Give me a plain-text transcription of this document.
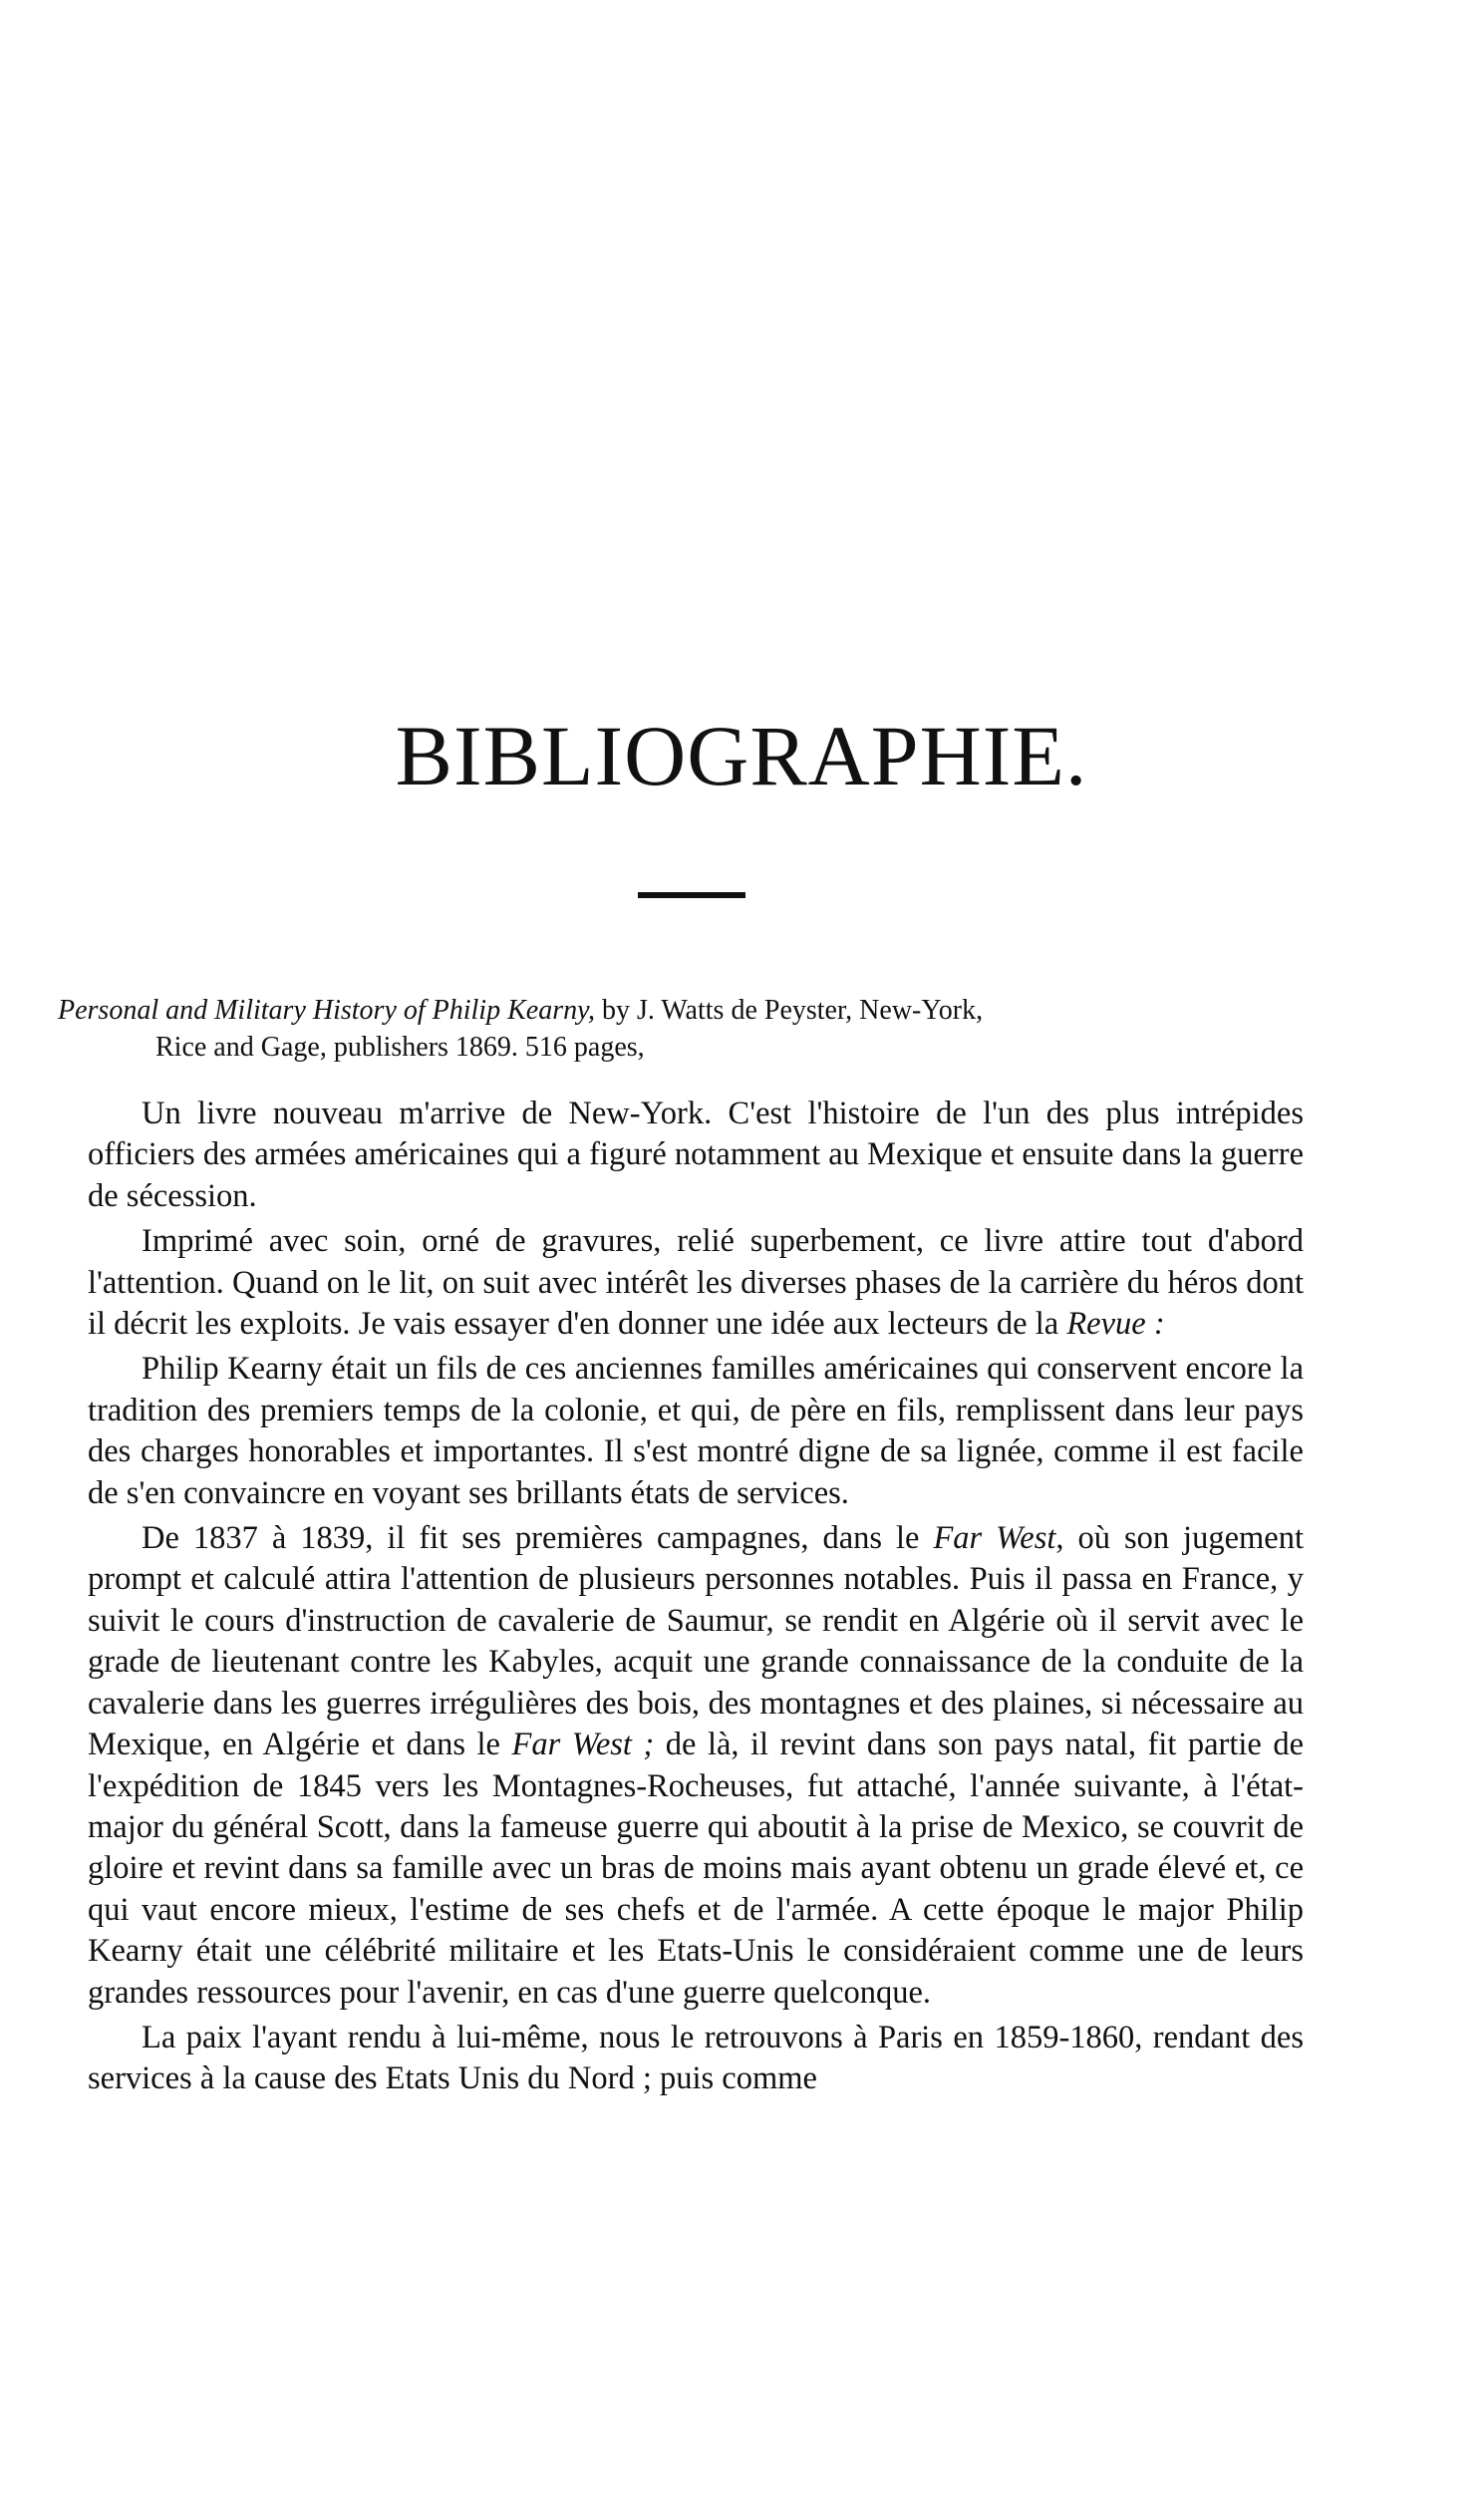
BIBLIOGRAPHIE.
Personal and Military History of Philip Kearny, by J. Watts de Peyster, New-York,
Rice and Gage, publishers 1869. 516 pages,

Un livre nouveau m'arrive de New-York. C'est l'histoire de l'un des plus intrépides officiers des armées américaines qui a figuré notamment au Mexique et ensuite dans la guerre de sécession.

Imprimé avec soin, orné de gravures, relié superbement, ce livre attire tout d'abord l'attention. Quand on le lit, on suit avec intérêt les diverses phases de la carrière du héros dont il décrit les exploits. Je vais essayer d'en donner une idée aux lecteurs de la Revue :

Philip Kearny était un fils de ces anciennes familles américaines qui conservent encore la tradition des premiers temps de la colonie, et qui, de père en fils, remplissent dans leur pays des charges honorables et importantes. Il s'est montré digne de sa lignée, comme il est facile de s'en convaincre en voyant ses brillants états de services.

De 1837 à 1839, il fit ses premières campagnes, dans le Far West, où son jugement prompt et calculé attira l'attention de plusieurs personnes notables. Puis il passa en France, y suivit le cours d'instruction de cavalerie de Saumur, se rendit en Algérie où il servit avec le grade de lieutenant contre les Kabyles, acquit une grande connaissance de la conduite de la cavalerie dans les guerres irrégulières des bois, des montagnes et des plaines, si nécessaire au Mexique, en Algérie et dans le Far West ; de là, il revint dans son pays natal, fit partie de l'expédition de 1845 vers les Montagnes-Rocheuses, fut attaché, l'année suivante, à l'état-major du général Scott, dans la fameuse guerre qui aboutit à la prise de Mexico, se couvrit de gloire et revint dans sa famille avec un bras de moins mais ayant obtenu un grade élevé et, ce qui vaut encore mieux, l'estime de ses chefs et de l'armée. A cette époque le major Philip Kearny était une célébrité militaire et les Etats-Unis le considéraient comme une de leurs grandes ressources pour l'avenir, en cas d'une guerre quelconque.

La paix l'ayant rendu à lui-même, nous le retrouvons à Paris en 1859-1860, rendant des services à la cause des Etats Unis du Nord ; puis comme
